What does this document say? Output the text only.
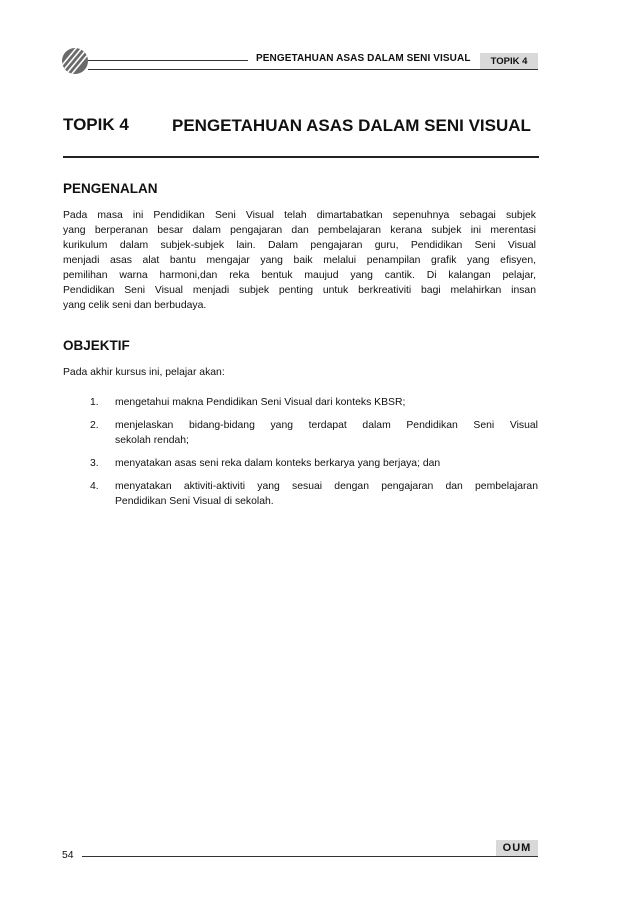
PENGETAHUAN ASAS DALAM SENI VISUAL	TOPIK 4
TOPIK 4	PENGETAHUAN ASAS DALAM SENI VISUAL
PENGENALAN
Pada masa ini Pendidikan Seni Visual telah dimartabatkan sepenuhnya sebagai subjek
yang berperanan besar dalam pengajaran dan pembelajaran kerana subjek ini merentasi
kurikulum dalam subjek-subjek lain. Dalam pengajaran guru, Pendidikan Seni Visual
menjadi asas alat bantu mengajar yang baik melalui penampilan grafik yang efisyen,
pemilihan warna harmoni,dan reka bentuk maujud yang cantik. Di kalangan pelajar,
Pendidikan Seni Visual menjadi subjek penting untuk berkreativiti bagi melahirkan insan
yang celik seni dan berbudaya.
OBJEKTIF
Pada akhir kursus ini, pelajar akan:
1. mengetahui makna Pendidikan Seni Visual dari konteks KBSR;
2. menjelaskan bidang-bidang yang terdapat dalam Pendidikan Seni Visual
sekolah rendah;
3. menyatakan asas seni reka dalam konteks berkarya yang berjaya; dan
4. menyatakan aktiviti-aktiviti yang sesuai dengan pengajaran dan pembelajaran
Pendidikan Seni Visual di sekolah.
OUM
54
